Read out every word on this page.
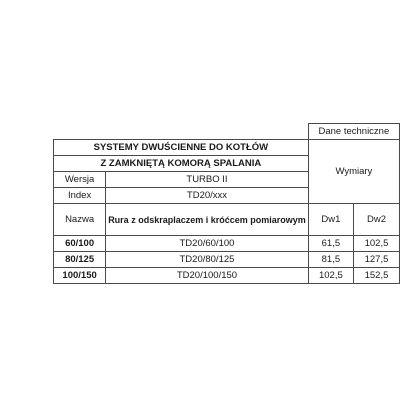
		Dane techniczne	
SYSTEMY DWUŚCIENNE DO KOTŁÓW		Wymiary	
Z ZAMKNIĘTĄ KOMORĄ SPALANIA			
Wersja	TURBO II		
Index	TD20/xxx		
Nazwa	Rura z odskraplaczem i króćcem pomiarowym	Dw1	Dw2
60/100	TD20/60/100	61,5	102,5
80/125	TD20/80/125	81,5	127,5
100/150	TD20/100/150	102,5	152,5
